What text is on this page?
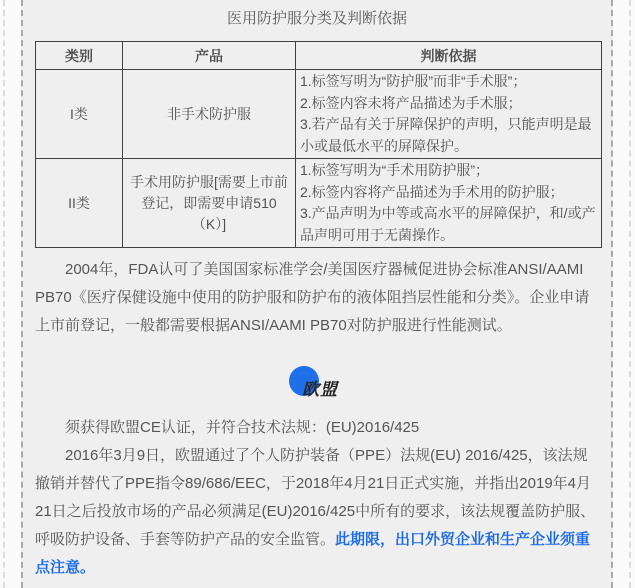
医用防护服分类及判断依据
类别	产品	判断依据
I类	非手术防护服	1.标签写明为“防护服”而非“手术服”；
2.标签内容未将产品描述为手术服；
3.若产品有关于屏障保护的声明，只能声明是最小或最低水平的屏障保护。

II类	手术用防护服[需要上市前登记，即需要申请510（K）]	1.标签写明为“手术用防护服”；
2.标签内容将产品描述为手术用的防护服；
3.产品声明为中等或高水平的屏障保护，和/或产品声明可用于无菌操作。

2004年，FDA认可了美国国家标准学会/美国医疗器械促进协会标准ANSI/AAMI PB70《医疗保健设施中使用的防护服和防护布的液体阻挡层性能和分类》。企业申请上市前登记，一般都需要根据ANSI/AAMI PB70对防护服进行性能测试。

欧盟

须获得欧盟CE认证，并符合技术法规：(EU)2016/425

2016年3月9日，欧盟通过了个人防护装备（PPE）法规(EU) 2016/425，该法规撤销并替代了PPE指令89/686/EEC，于2018年4月21日正式实施，并指出2019年4月21日之后投放市场的产品必须满足(EU)2016/425中所有的要求，该法规覆盖防护服、呼吸防护设备、手套等防护产品的安全监管。此期限，出口外贸企业和生产企业须重点注意。
